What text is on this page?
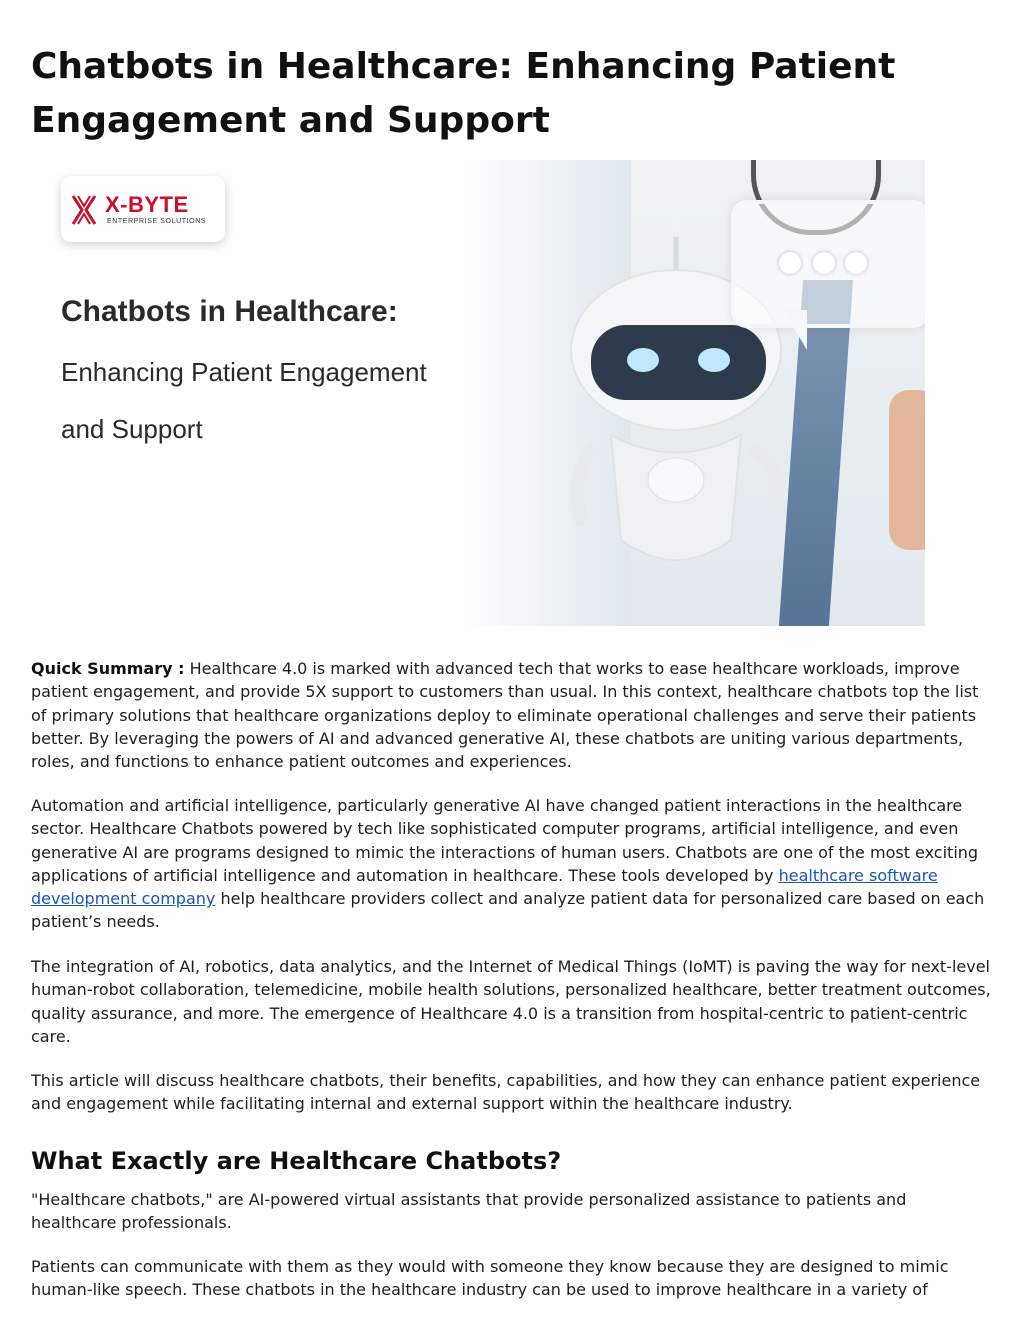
Chatbots in Healthcare: Enhancing Patient Engagement and Support
X-BYTE
ENTERPRISE SOLUTIONS
Chatbots in Healthcare:
Enhancing Patient Engagement
and Support

Quick Summary : Healthcare 4.0 is marked with advanced tech that works to ease healthcare workloads, improve patient engagement, and provide 5X support to customers than usual. In this context, healthcare chatbots top the list of primary solutions that healthcare organizations deploy to eliminate operational challenges and serve their patients better. By leveraging the powers of AI and advanced generative AI, these chatbots are uniting various departments, roles, and functions to enhance patient outcomes and experiences.

Automation and artificial intelligence, particularly generative AI have changed patient interactions in the healthcare sector. Healthcare Chatbots powered by tech like sophisticated computer programs, artificial intelligence, and even generative AI are programs designed to mimic the interactions of human users. Chatbots are one of the most exciting applications of artificial intelligence and automation in healthcare. These tools developed by healthcare software development company help healthcare providers collect and analyze patient data for personalized care based on each patient’s needs.

The integration of AI, robotics, data analytics, and the Internet of Medical Things (IoMT) is paving the way for next-level human-robot collaboration, telemedicine, mobile health solutions, personalized healthcare, better treatment outcomes, quality assurance, and more. The emergence of Healthcare 4.0 is a transition from hospital-centric to patient-centric care.

This article will discuss healthcare chatbots, their benefits, capabilities, and how they can enhance patient experience and engagement while facilitating internal and external support within the healthcare industry.

What Exactly are Healthcare Chatbots?

"Healthcare chatbots," are AI-powered virtual assistants that provide personalized assistance to patients and healthcare professionals.

Patients can communicate with them as they would with someone they know because they are designed to mimic human-like speech. These chatbots in the healthcare industry can be used to improve healthcare in a variety of
